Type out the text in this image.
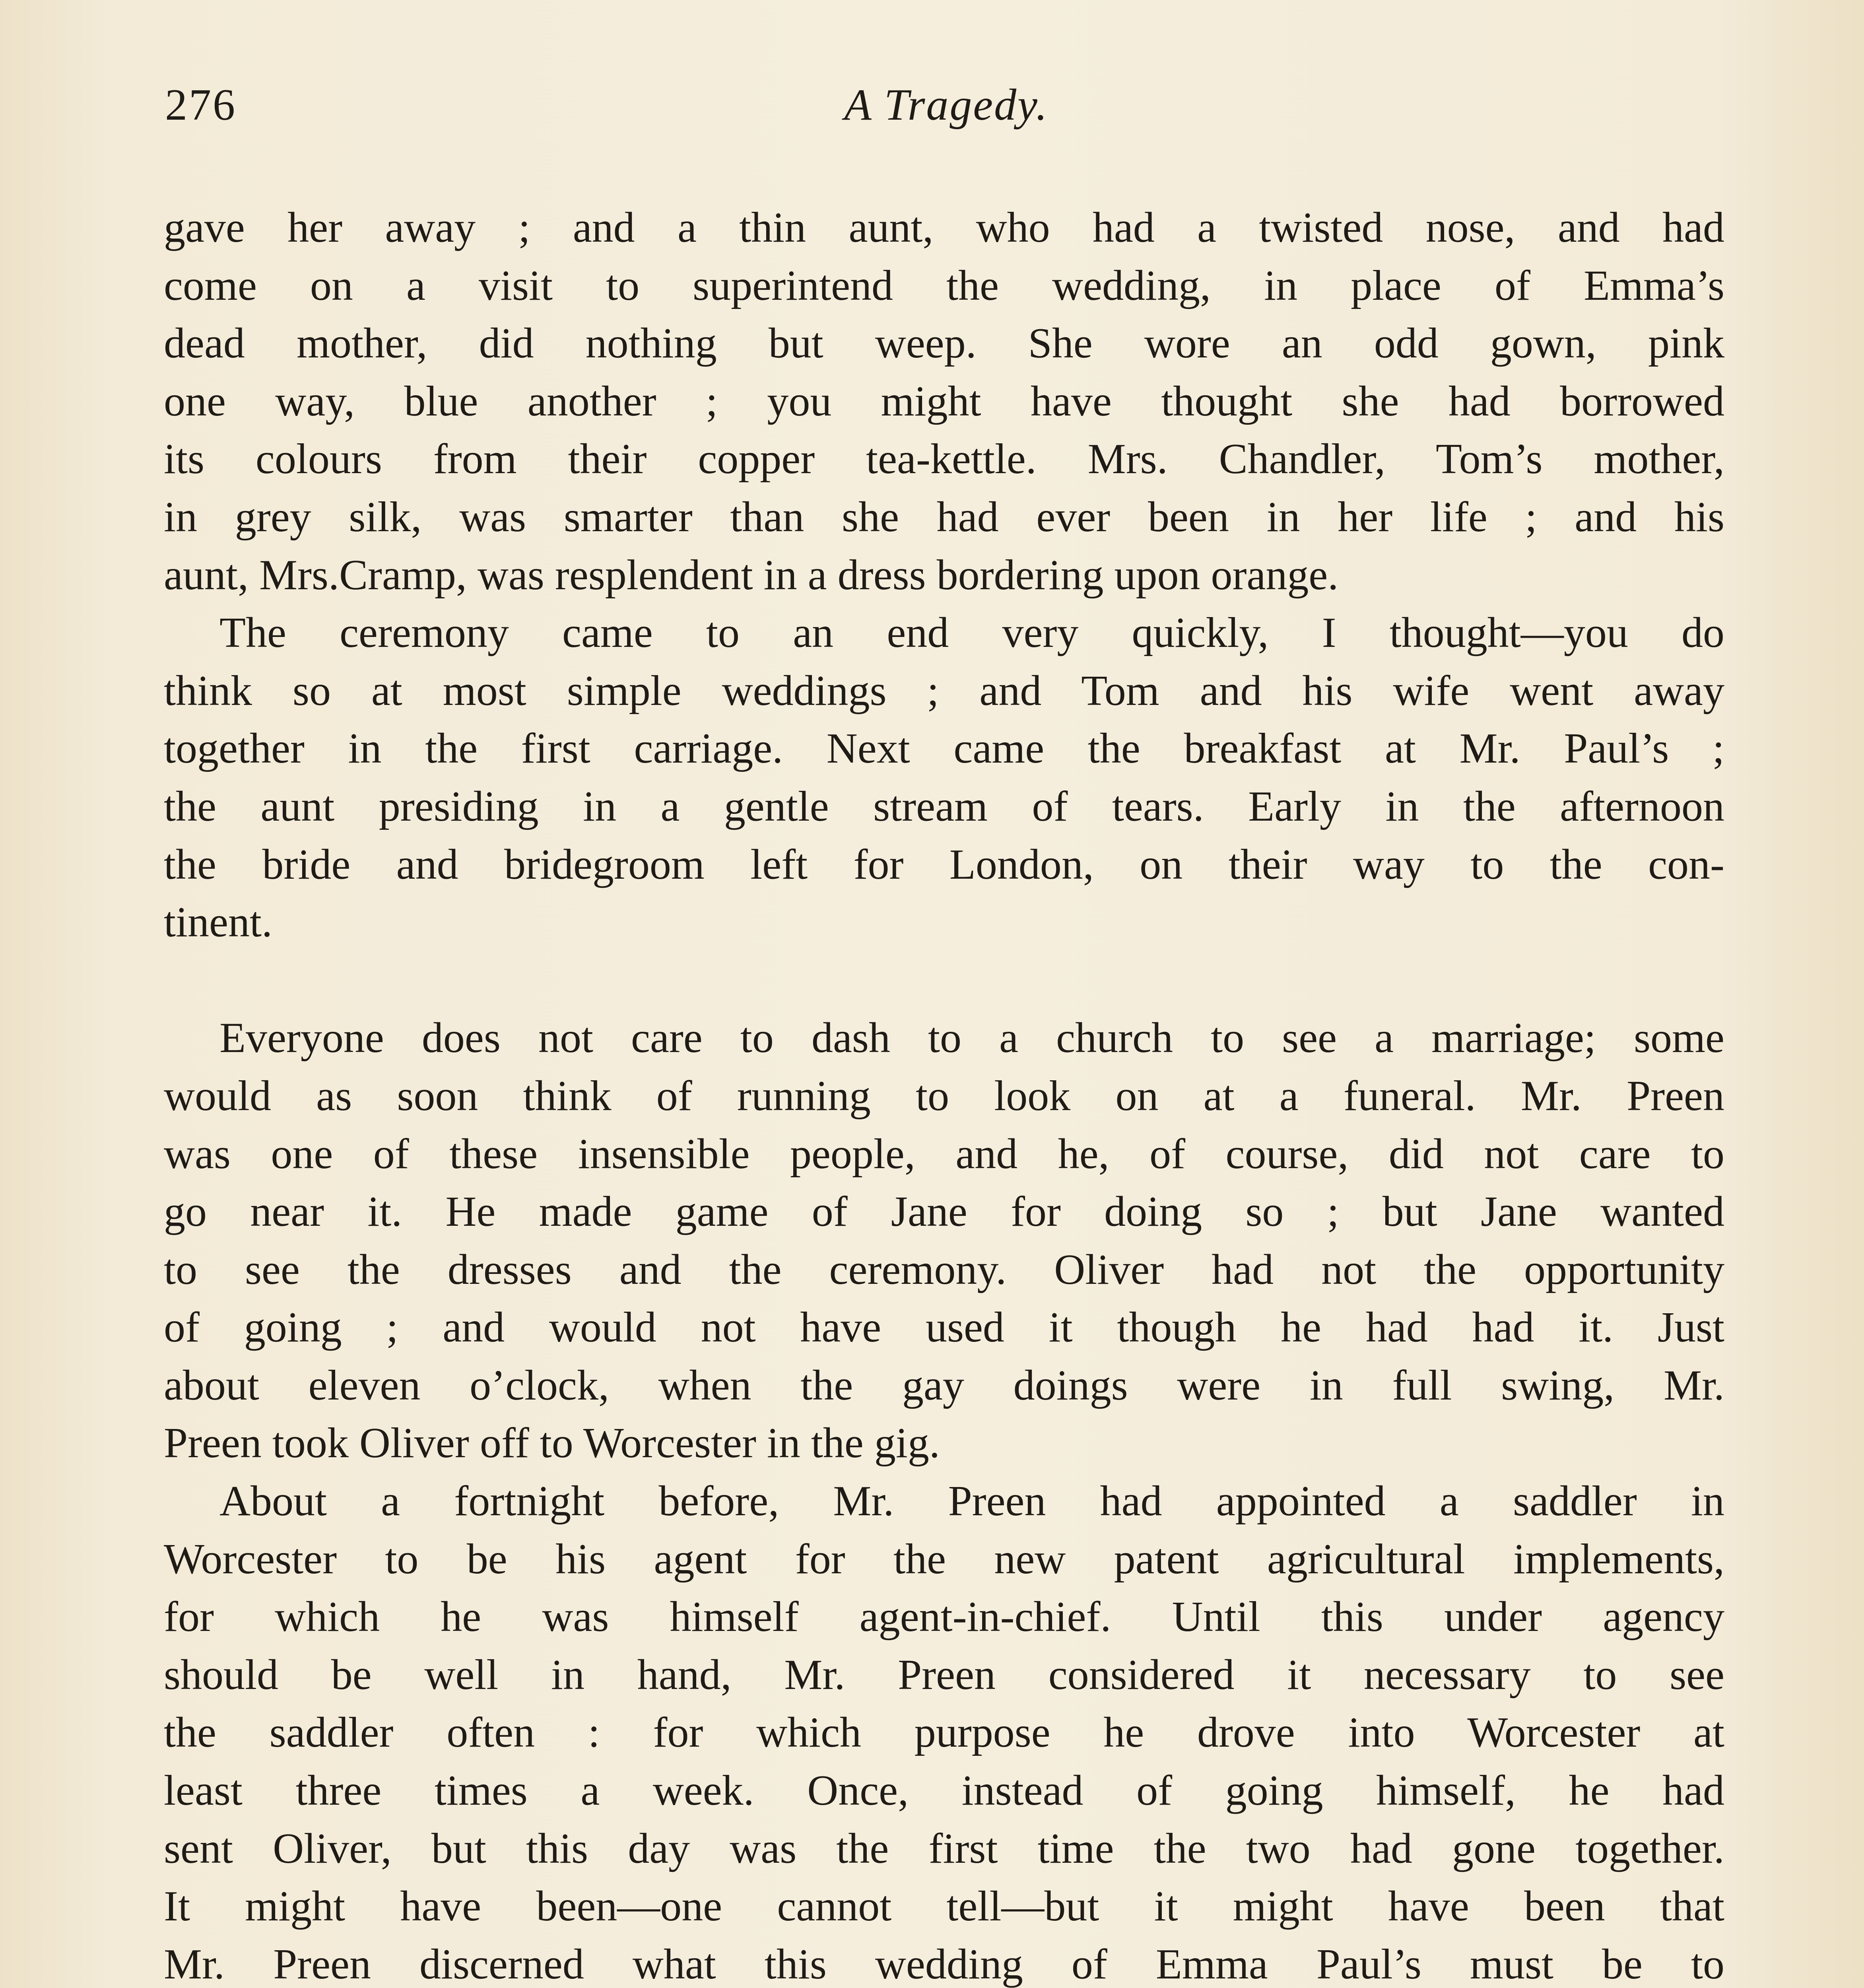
276	A Tragedy.
gave her away ; and a thin aunt, who had a twisted nose, and had
come on a visit to superintend the wedding, in place of Emma’s
dead mother, did nothing but weep. She wore an odd gown, pink
one way, blue another ; you might have thought she had borrowed
its colours from their copper tea-kettle. Mrs. Chandler, Tom’s mother,
in grey silk, was smarter than she had ever been in her life ; and his
aunt, Mrs.Cramp, was resplendent in a dress bordering upon orange.
The ceremony came to an end very quickly, I thought—you do
think so at most simple weddings ; and Tom and his wife went away
together in the first carriage. Next came the breakfast at Mr. Paul’s ;
the aunt presiding in a gentle stream of tears. Early in the afternoon
the bride and bridegroom left for London, on their way to the con-
tinent.
Everyone does not care to dash to a church to see a marriage; some
would as soon think of running to look on at a funeral. Mr. Preen
was one of these insensible people, and he, of course, did not care to
go near it. He made game of Jane for doing so ; but Jane wanted
to see the dresses and the ceremony. Oliver had not the opportunity
of going ; and would not have used it though he had had it. Just
about eleven o’clock, when the gay doings were in full swing, Mr.
Preen took Oliver off to Worcester in the gig.
About a fortnight before, Mr. Preen had appointed a saddler in
Worcester to be his agent for the new patent agricultural implements,
for which he was himself agent-in-chief. Until this under agency
should be well in hand, Mr. Preen considered it necessary to see
the saddler often : for which purpose he drove into Worcester at
least three times a week. Once, instead of going himself, he had
sent Oliver, but this day was the first time the two had gone together.
It might have been—one cannot tell—but it might have been that
Mr. Preen discerned what this wedding of Emma Paul’s must be to
